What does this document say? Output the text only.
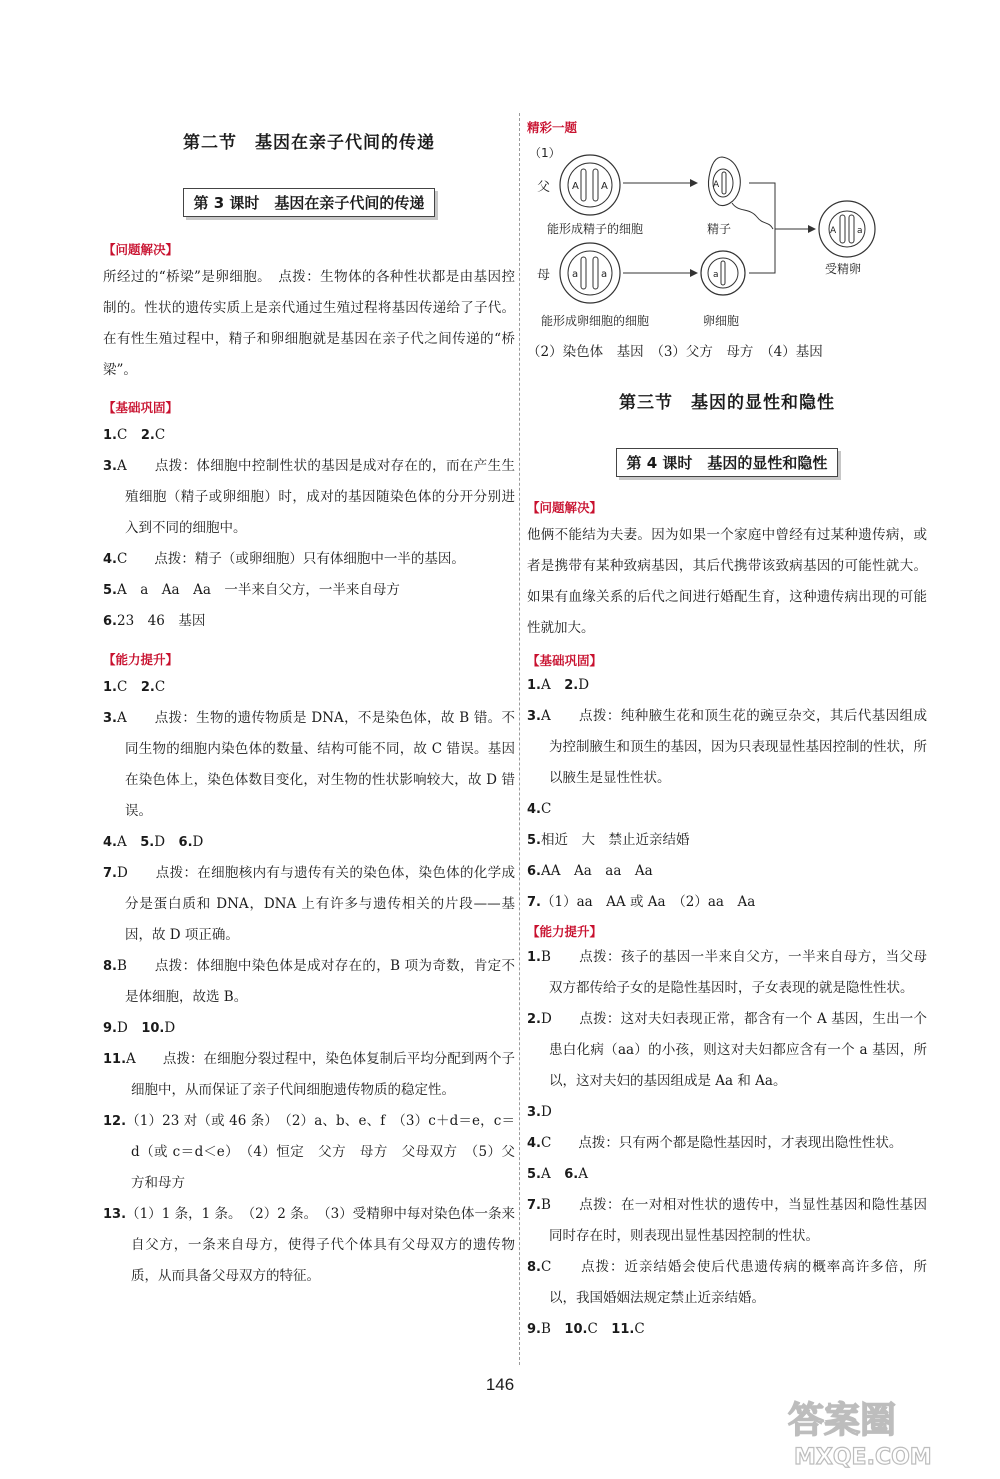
第二节　基因在亲子代间的传递
第 3 课时　基因在亲子代间的传递
【问题解决】
所经过的“桥梁”是卵细胞。　点拨：生物体的各种性状都是由基因控制的。性状的遗传实质上是亲代通过生殖过程将基因传递给了子代。在有性生殖过程中，精子和卵细胞就是基因在亲子代之间传递的“桥梁”。
【基础巩固】
1.C　2.C
3.A　　点拨：体细胞中控制性状的基因是成对存在的，而在产生生殖细胞（精子或卵细胞）时，成对的基因随染色体的分开分别进入到不同的细胞中。
4.C　　点拨：精子（或卵细胞）只有体细胞中一半的基因。
5.A　a　Aa　Aa　一半来自父方，一半来自母方
6.23　46　基因
【能力提升】
1.C　2.C
3.A　　点拨：生物的遗传物质是 DNA，不是染色体，故 B 错。不同生物的细胞内染色体的数量、结构可能不同，故 C 错误。基因在染色体上，染色体数目变化，对生物的性状影响较大，故 D 错误。
4.A　5.D　6.D
7.D　　点拨：在细胞核内有与遗传有关的染色体，染色体的化学成分是蛋白质和 DNA，DNA 上有许多与遗传相关的片段——基因，故 D 项正确。
8.B　　点拨：体细胞中染色体是成对存在的，B 项为奇数，肯定不是体细胞，故选 B。
9.D　10.D
11.A　　点拨：在细胞分裂过程中，染色体复制后平均分配到两个子细胞中，从而保证了亲子代间细胞遗传物质的稳定性。
12.（1）23 对（或 46 条）　（2）a、b、e、f　（3）c＋d＝e，c＝d（或 c＝d＜e）　（4）恒定　父方　母方　父母双方　（5）父方和母方
13.（1）1 条，1 条。　（2）2 条。　（3）受精卵中每对染色体一条来自父方，一条来自母方，使得子代个体具有父母双方的遗传物质，从而具备父母双方的特征。
精彩一题
（1）
父 A A
能形成精子的细胞
A
精子
母 a a
能形成卵细胞的细胞
a
卵细胞
A a
受精卵
（2）染色体　基因　（3）父方　母方　（4）基因
第三节　基因的显性和隐性
第 4 课时　基因的显性和隐性
【问题解决】
他俩不能结为夫妻。因为如果一个家庭中曾经有过某种遗传病，或者是携带有某种致病基因，其后代携带该致病基因的可能性就大。如果有血缘关系的后代之间进行婚配生育，这种遗传病出现的可能性就加大。
【基础巩固】
1.A　2.D
3.A　　点拨：纯种腋生花和顶生花的豌豆杂交，其后代基因组成为控制腋生和顶生的基因，因为只表现显性基因控制的性状，所以腋生是显性性状。
4.C
5.相近　大　禁止近亲结婚
6.AA　Aa　aa　Aa
7.（1）aa　AA 或 Aa　（2）aa　Aa
【能力提升】
1.B　　点拨：孩子的基因一半来自父方，一半来自母方，当父母双方都传给子女的是隐性基因时，子女表现的就是隐性性状。
2.D　　点拨：这对夫妇表现正常，都含有一个 A 基因，生出一个患白化病（aa）的小孩，则这对夫妇都应含有一个 a 基因，所以，这对夫妇的基因组成是 Aa 和 Aa。
3.D
4.C　　点拨：只有两个都是隐性基因时，才表现出隐性性状。
5.A　6.A
7.B　　点拨：在一对相对性状的遗传中，当显性基因和隐性基因同时存在时，则表现出显性基因控制的性状。
8.C　　点拨：近亲结婚会使后代患遗传病的概率高许多倍，所以，我国婚姻法规定禁止近亲结婚。
9.B　10.C　11.C
146
答案圈
MXQE.COM
